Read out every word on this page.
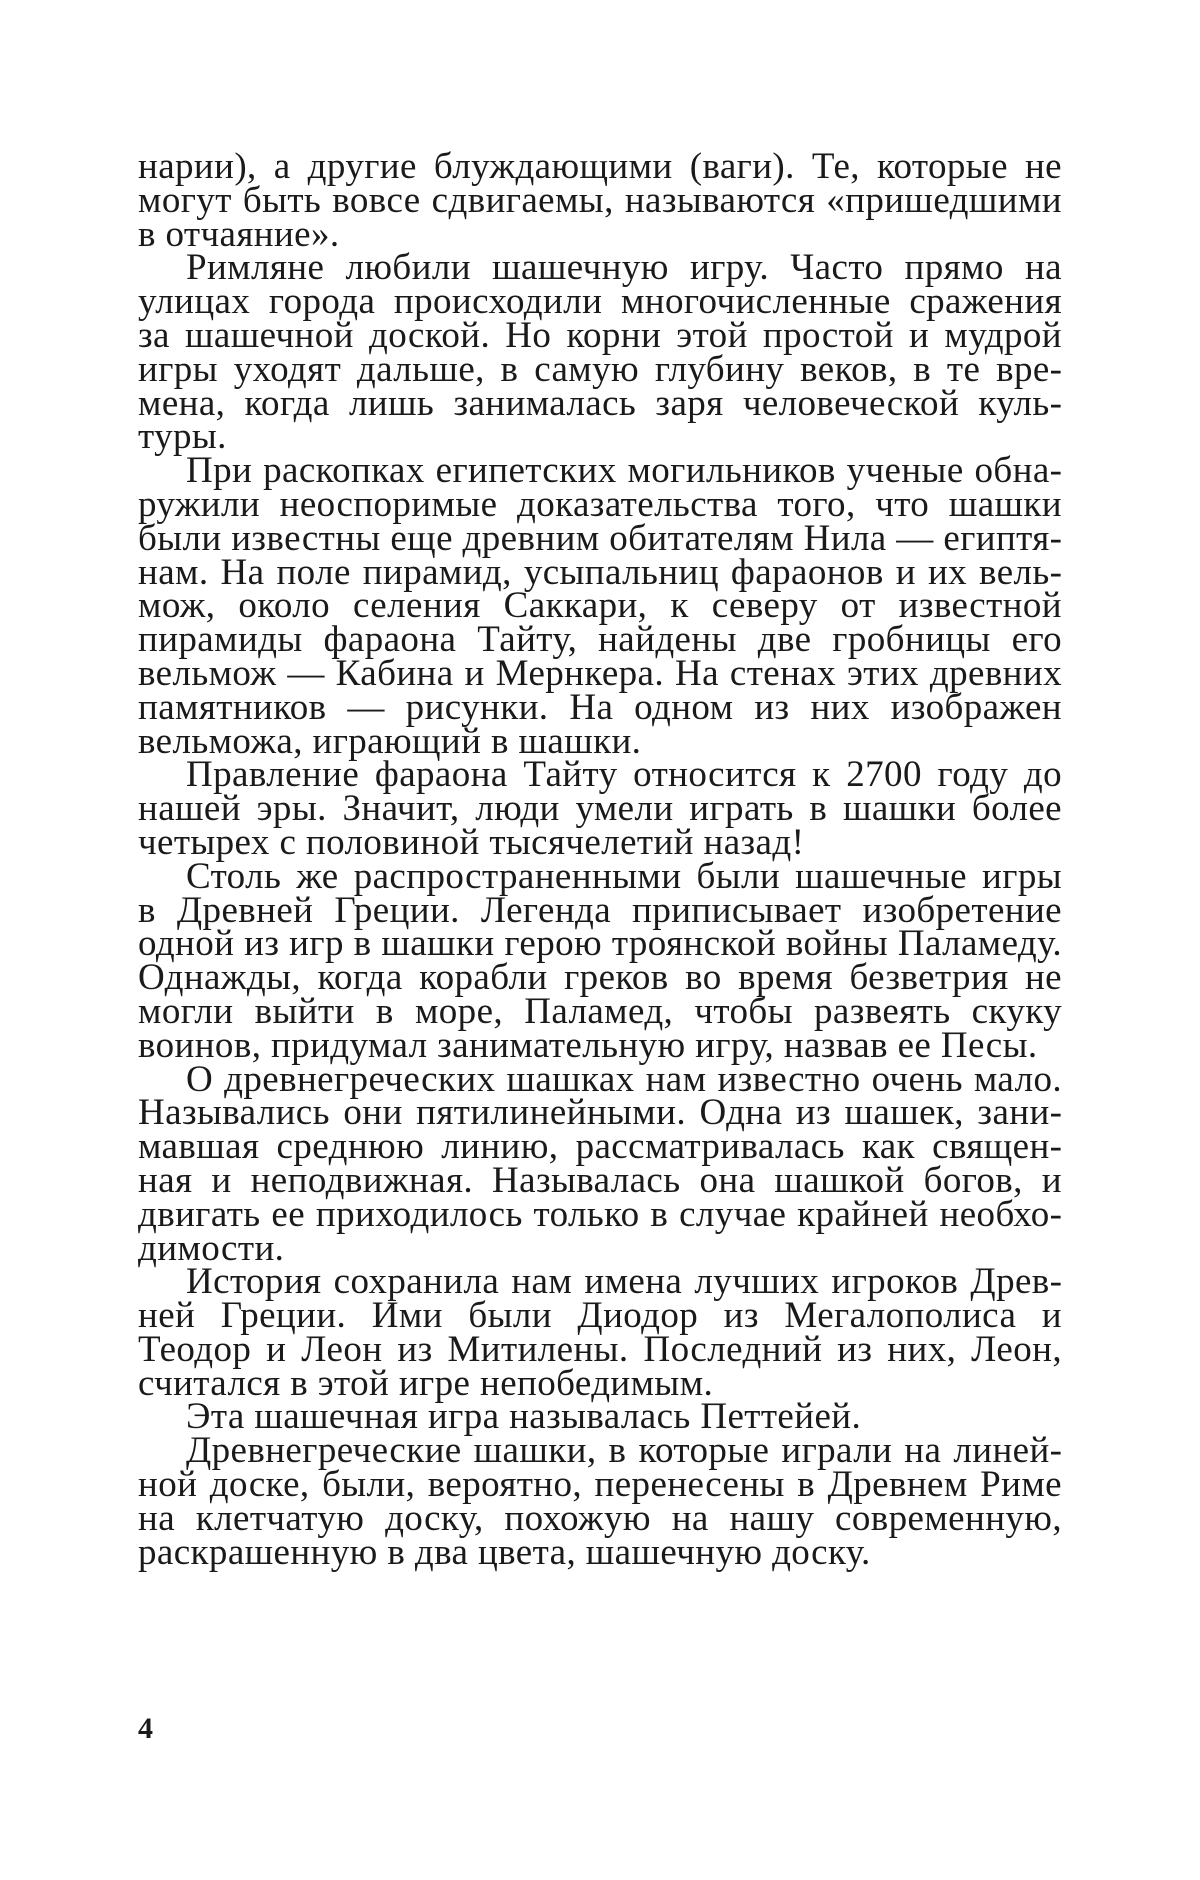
нарии), а другие блуждающими (ваги). Те, которые не могут быть вовсе сдвигаемы, называются «пришедшими в отчаяние».

Римляне любили шашечную игру. Часто прямо на улицах города происходили многочисленные сражения за шашечной доской. Но корни этой простой и мудрой игры уходят дальше, в самую глубину веков, в те времена, когда лишь занималась заря человеческой культуры.

При раскопках египетских могильников ученые обнаружили неоспоримые доказательства того, что шашки были известны еще древним обитателям Нила — египтянам. На поле пирамид, усыпальниц фараонов и их вельмож, около селения Саккари, к северу от известной пирамиды фараона Тайту, найдены две гробницы его вельмож — Кабина и Мернкера. На стенах этих древних памятников — рисунки. На одном из них изображен вельможа, играющий в шашки.

Правление фараона Тайту относится к 2700 году до нашей эры. Значит, люди умели играть в шашки более четырех с половиной тысячелетий назад!

Столь же распространенными были шашечные игры в Древней Греции. Легенда приписывает изобретение одной из игр в шашки герою троянской войны Паламеду. Однажды, когда корабли греков во время безветрия не могли выйти в море, Паламед, чтобы развеять скуку воинов, придумал занимательную игру, назвав ее Песы.

О древнегреческих шашках нам известно очень мало. Назывались они пятилинейными. Одна из шашек, занимавшая среднюю линию, рассматривалась как священная и неподвижная. Называлась она шашкой богов, и двигать ее приходилось только в случае крайней необходимости.

История сохранила нам имена лучших игроков Древней Греции. Ими были Диодор из Мегалополиса и Теодор и Леон из Митилены. Последний из них, Леон, считался в этой игре непобедимым.

Эта шашечная игра называлась Петтейей.

Древнегреческие шашки, в которые играли на линейной доске, были, вероятно, перенесены в Древнем Риме на клетчатую доску, похожую на нашу современную, раскрашенную в два цвета, шашечную доску.

4
